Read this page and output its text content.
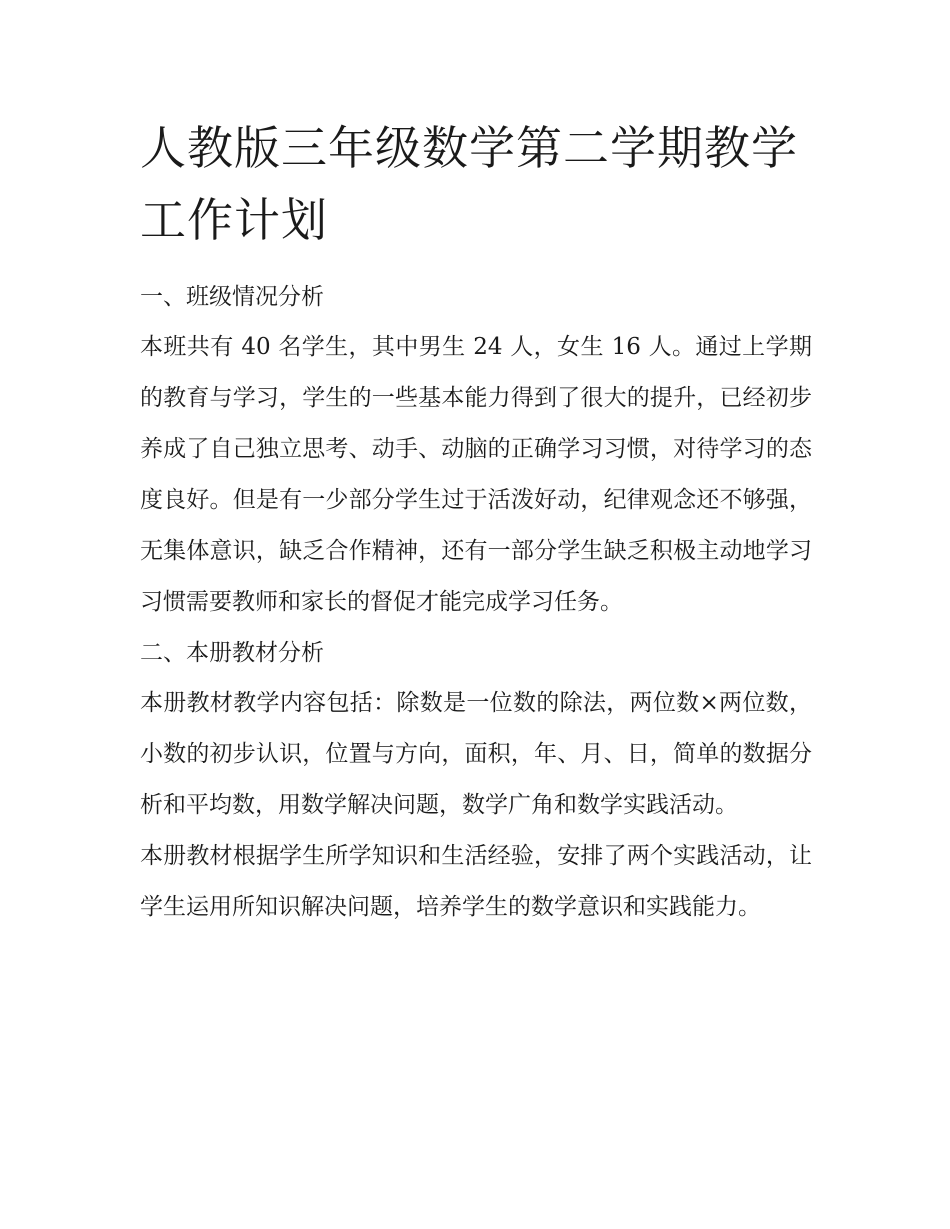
人教版三年级数学第二学期教学工作计划
一、班级情况分析

本班共有 40 名学生，其中男生 24 人，女生 16 人。通过上学期的教育与学习，学生的一些基本能力得到了很大的提升，已经初步养成了自己独立思考、动手、动脑的正确学习习惯，对待学习的态度良好。但是有一少部分学生过于活泼好动，纪律观念还不够强，无集体意识，缺乏合作精神，还有一部分学生缺乏积极主动地学习习惯需要教师和家长的督促才能完成学习任务。

二、本册教材分析

本册教材教学内容包括：除数是一位数的除法，两位数×两位数，小数的初步认识，位置与方向，面积，年、月、日，简单的数据分析和平均数，用数学解决问题，数学广角和数学实践活动。

本册教材根据学生所学知识和生活经验，安排了两个实践活动，让学生运用所知识解决问题，培养学生的数学意识和实践能力。
